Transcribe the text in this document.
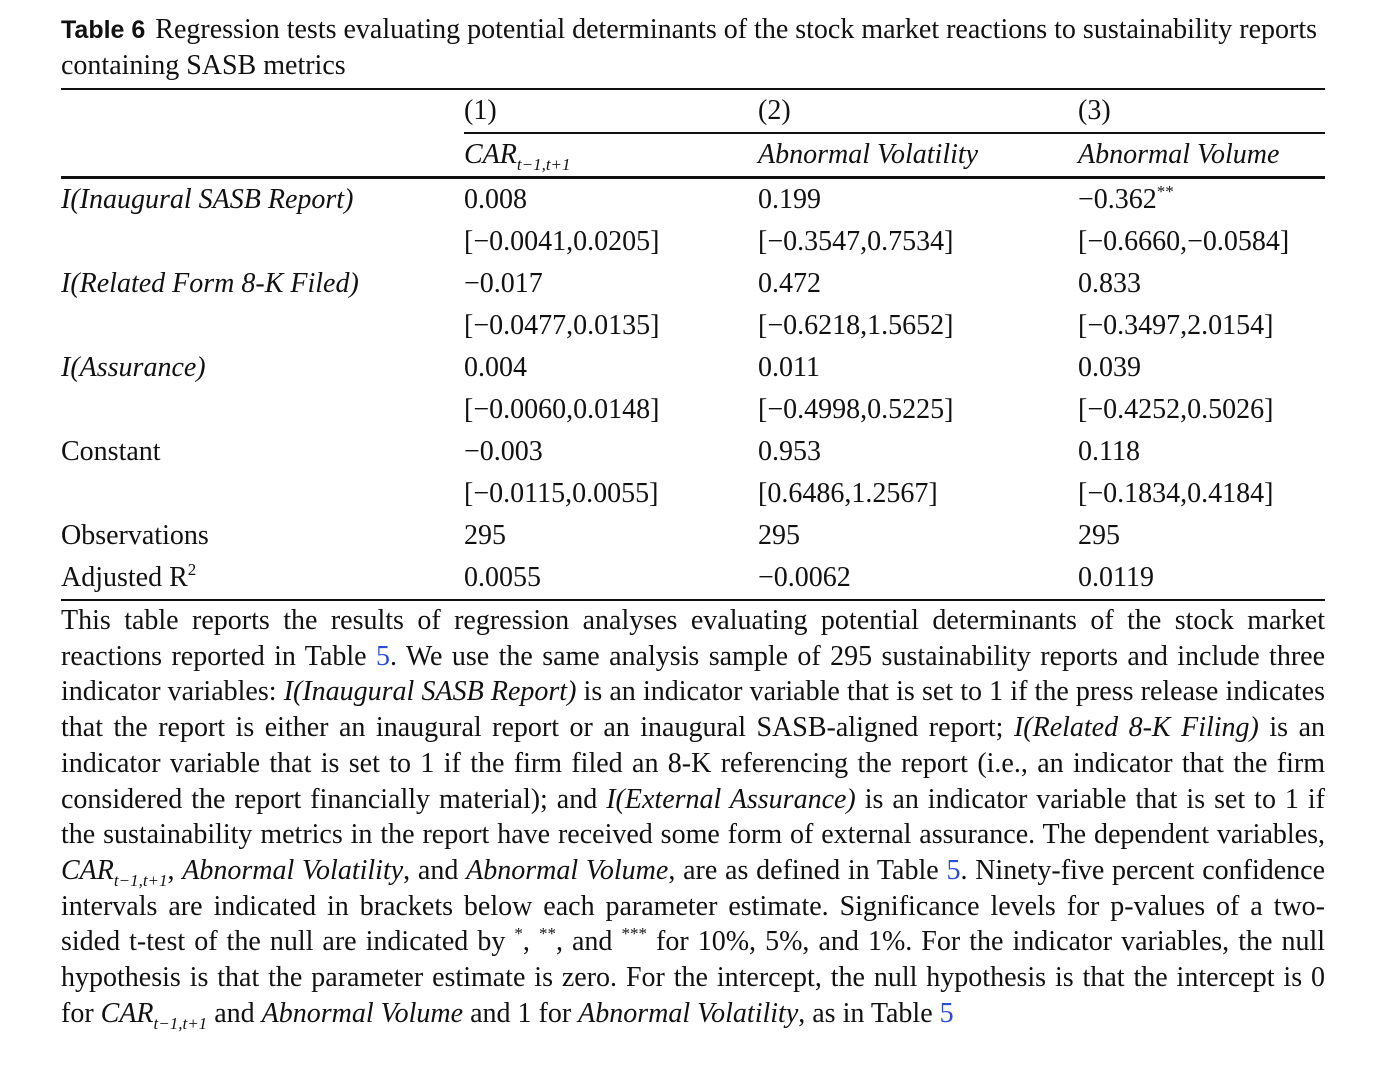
Table 6 Regression tests evaluating potential determinants of the stock market reactions to sustainability reports containing SASB metrics
	(1)	(2)	(3)
	$CAR_{t-1,t+1}$	Abnormal Volatility	Abnormal Volume
I(Inaugural SASB Report)	0.008	0.199	−0.362**
	[−0.0041,0.0205]	[−0.3547,0.7534]	[−0.6660,−0.0584]
I(Related Form 8-K Filed)	−0.017	0.472	0.833
	[−0.0477,0.0135]	[−0.6218,1.5652]	[−0.3497,2.0154]
I(Assurance)	0.004	0.011	0.039
	[−0.0060,0.0148]	[−0.4998,0.5225]	[−0.4252,0.5026]
Constant	−0.003	0.953	0.118
	[−0.0115,0.0055]	[0.6486,1.2567]	[−0.1834,0.4184]
Observations	295	295	295
Adjusted $R^2$	0.0055	−0.0062	0.0119
This table reports the results of regression analyses evaluating potential determinants of the stock market reactions reported in Table 5. We use the same analysis sample of 295 sustainability reports and include three indicator variables: I(Inaugural SASB Report) is an indicator variable that is set to 1 if the press release indicates that the report is either an inaugural report or an inaugural SASB-aligned report; I(Related 8-K Filing) is an indicator variable that is set to 1 if the firm filed an 8-K referencing the report (i.e., an indicator that the firm considered the report financially material); and I(External Assurance) is an indicator variable that is set to 1 if the sustainability metrics in the report have received some form of external assurance. The dependent variables, $CAR_{t-1,t+1}$, Abnormal Volatility, and Abnormal Volume, are as defined in Table 5. Ninety-five percent confidence intervals are indicated in brackets below each parameter estimate. Significance levels for p-values of a two-sided t-test of the null are indicated by *, **, and *** for 10%, 5%, and 1%. For the indicator variables, the null hypothesis is that the parameter estimate is zero. For the intercept, the null hypothesis is that the intercept is 0 for $CAR_{t-1,t+1}$ and Abnormal Volume and 1 for Abnormal Volatility, as in Table 5
